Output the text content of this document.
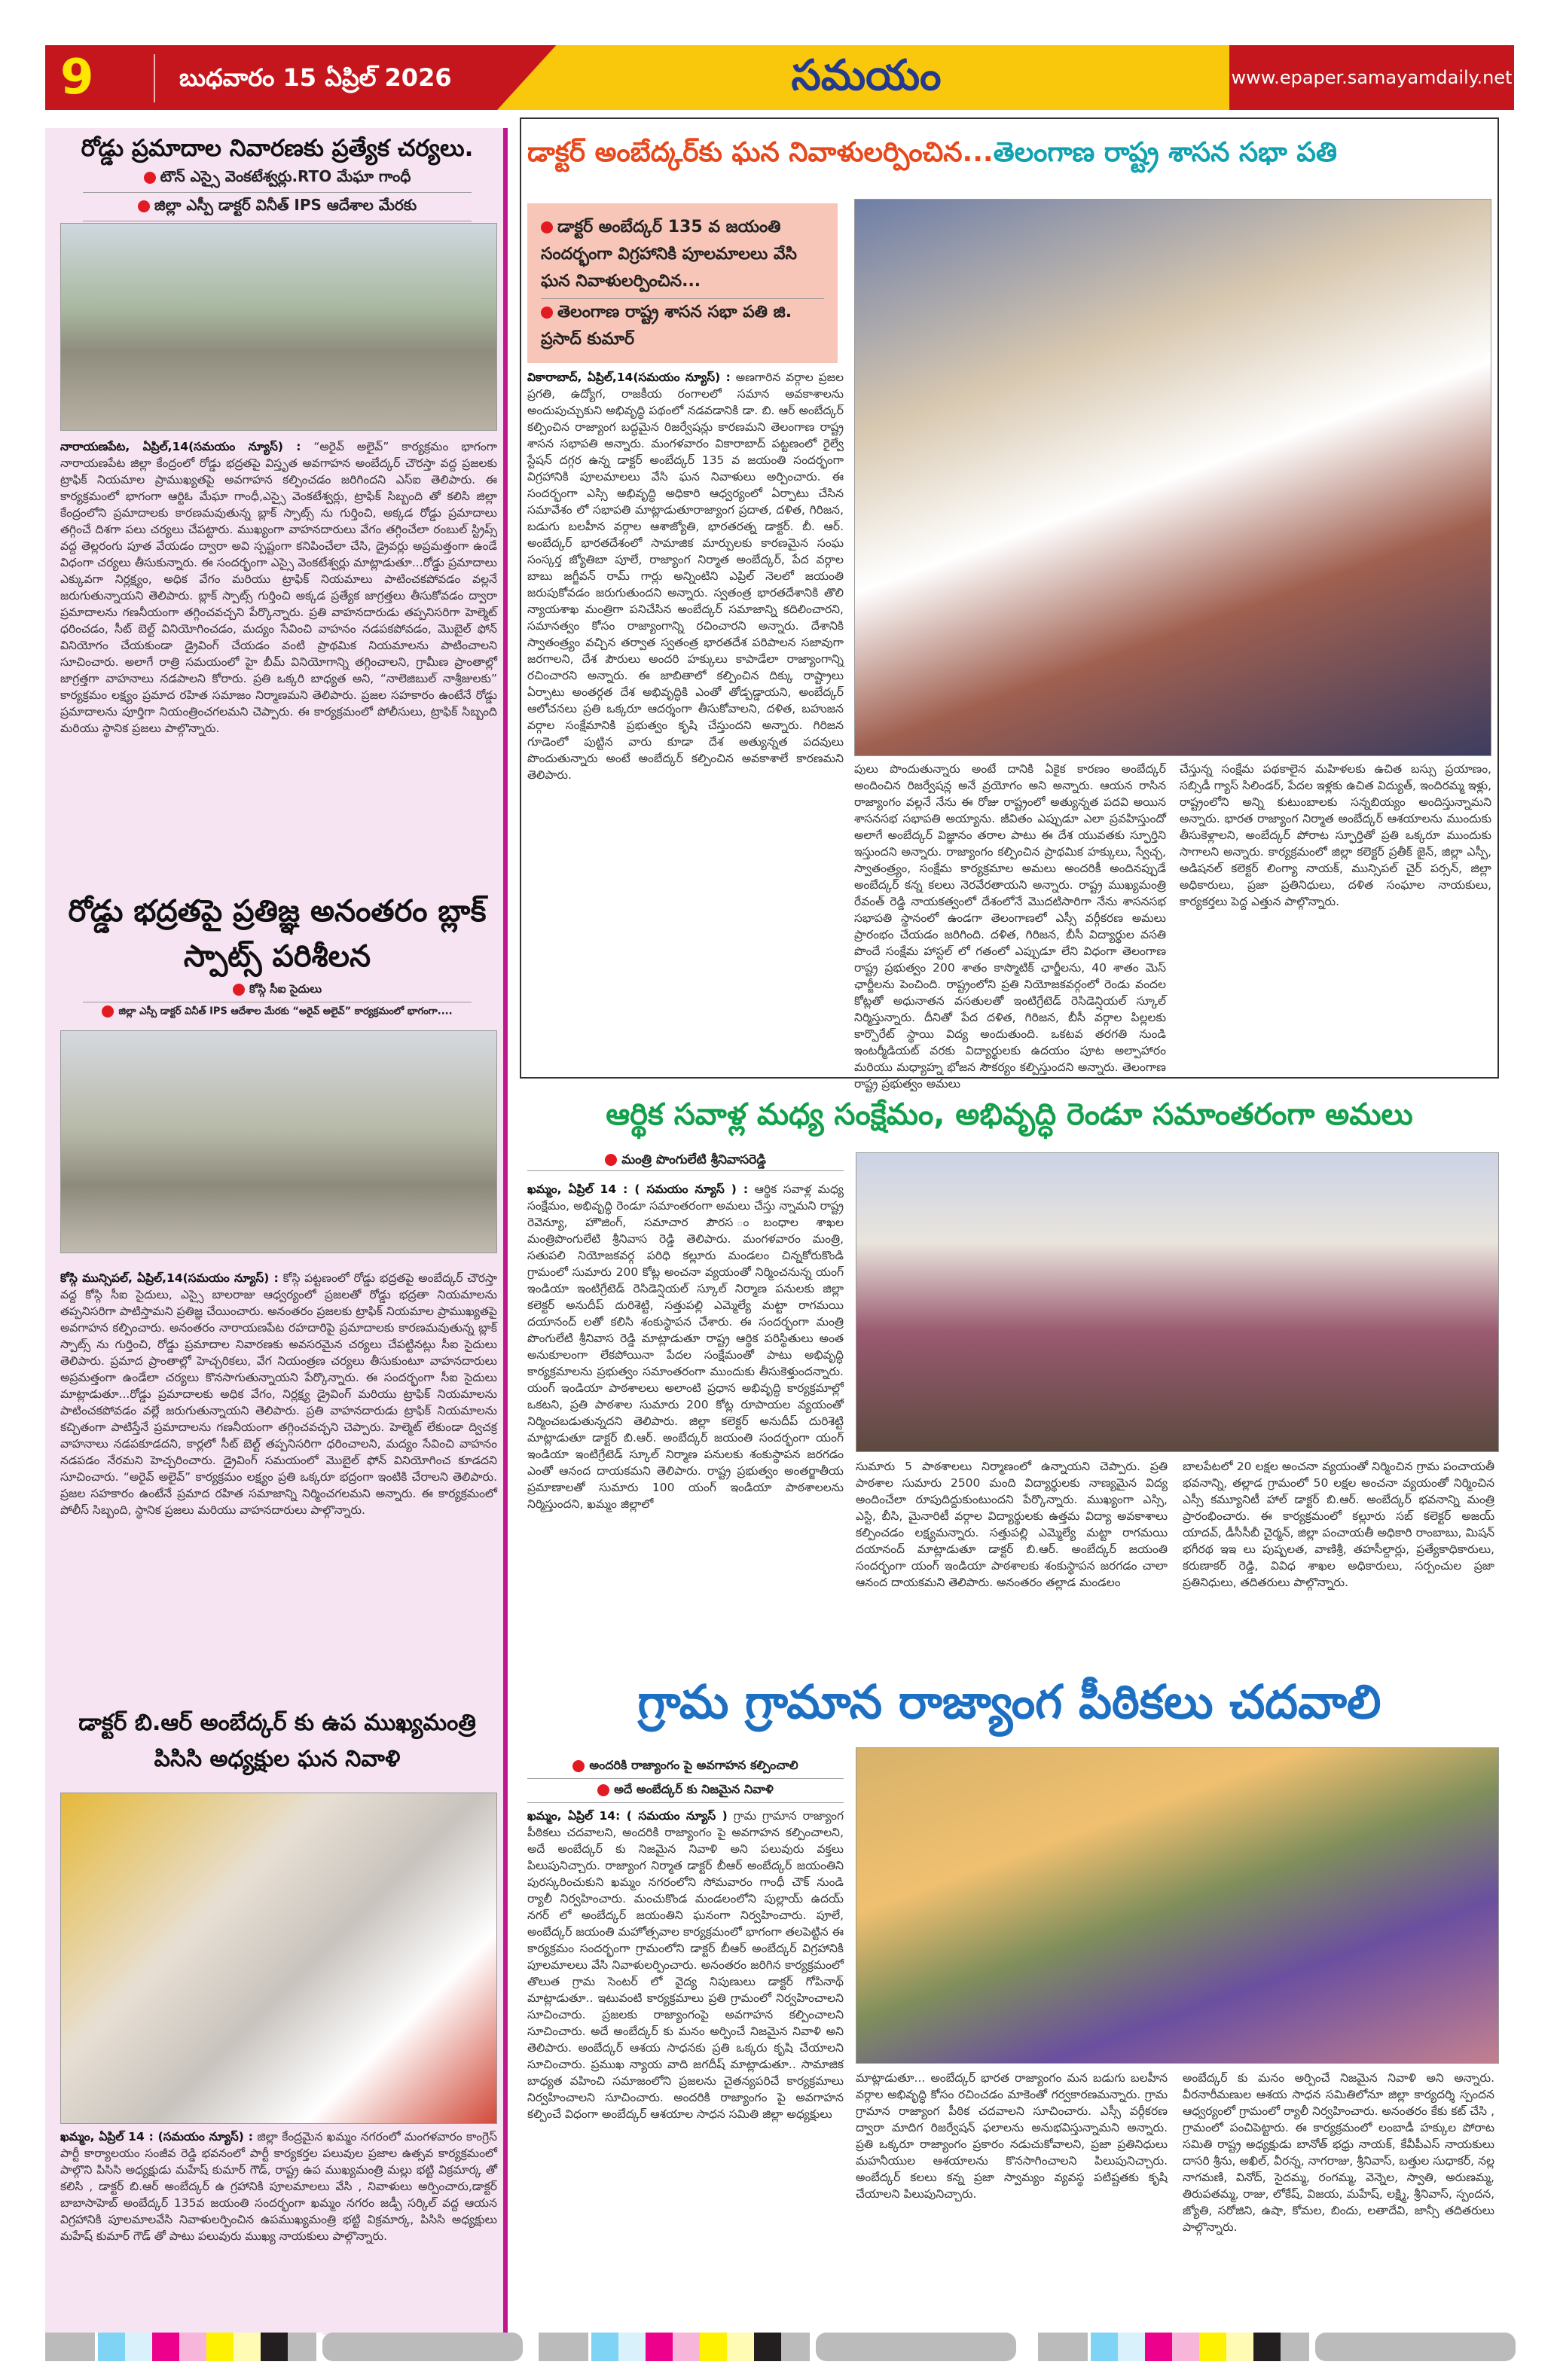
9	బుధవారం 15 ఏప్రిల్ 2026	సమయం	www.epaper.samayamdaily.net
రోడ్డు ప్రమాదాల నివారణకు ప్రత్యేక చర్యలు.
టౌన్ ఎస్సై వెంకటేశ్వర్లు.RTO మేఘా గాంధీ
జిల్లా ఎస్పీ డాక్టర్ వినీత్ IPS ఆదేశాల మేరకు
నారాయణపేట, ఏప్రిల్,14(సమయం న్యూస్) : “అరైవ్ అలైవ్” కార్యక్రమం భాగంగా నారాయణపేట జిల్లా కేంద్రంలో రోడ్డు భద్రతపై విస్తృత అవగాహన అంబేద్కర్ చౌరస్తా వద్ద ప్రజలకు ట్రాఫిక్ నియమాల ప్రాముఖ్యతపై అవగాహన కల్పించడం జరిగిందని ఎస్ఐ తెలిపారు. ఈ కార్యక్రమంలో భాగంగా ఆర్టిఓ మేఘా గాంధీ,ఎస్సై వెంకటేశ్వర్లు, ట్రాఫిక్ సిబ్బంది తో కలిసి జిల్లా కేంద్రంలోని ప్రమాదాలకు కారణమవుతున్న బ్లాక్ స్పాట్స్ ను గుర్తించి, అక్కడ రోడ్డు ప్రమాదాలు తగ్గించే దిశగా పలు చర్యలు చేపట్టారు. ముఖ్యంగా వాహనదారులు వేగం తగ్గించేలా రంబుల్ స్ట్రిప్స్ వద్ద తెల్లరంగు పూత వేయడం ద్వారా అవి స్పష్టంగా కనిపించేలా చేసి, డ్రైవర్లు అప్రమత్తంగా ఉండే విధంగా చర్యలు తీసుకున్నారు. ఈ సందర్భంగా ఎస్సై వెంకటేశ్వర్లు మాట్లాడుతూ...రోడ్డు ప్రమాదాలు ఎక్కువగా నిర్లక్ష్యం, అధిక వేగం మరియు ట్రాఫిక్ నియమాలు పాటించకపోవడం వల్లనే జరుగుతున్నాయని తెలిపారు. బ్లాక్ స్పాట్స్ గుర్తించి అక్కడ ప్రత్యేక జాగ్రత్తలు తీసుకోవడం ద్వారా ప్రమాదాలను గణనీయంగా తగ్గించవచ్చని పేర్కొన్నారు. ప్రతి వాహనదారుడు తప్పనిసరిగా హెల్మెట్ ధరించడం, సీట్ బెల్ట్ వినియోగించడం, మద్యం సేవించి వాహనం నడపకపోవడం, మొబైల్ ఫోన్ వినియోగం చేయకుండా డ్రైవింగ్ చేయడం వంటి ప్రాథమిక నియమాలను పాటించాలని సూచించారు. అలాగే రాత్రి సమయంలో హై బీమ్ వినియోగాన్ని తగ్గించాలని, గ్రామీణ ప్రాంతాల్లో జాగ్రత్తగా వాహనాలు నడపాలని కోరారు. ప్రతి ఒక్కరి బాధ్యత అని, “నాలెజిబుల్ నాశ్రీజులకు” కార్యక్రమం లక్ష్యం ప్రమాద రహిత సమాజం నిర్మాణమని తెలిపారు. ప్రజల సహకారం ఉంటేనే రోడ్డు ప్రమాదాలను పూర్తిగా నియంత్రించగలమని చెప్పారు. ఈ కార్యక్రమంలో పోలీసులు, ట్రాఫిక్ సిబ్బంది మరియు స్థానిక ప్రజలు పాల్గొన్నారు.
రోడ్డు భద్రతపై ప్రతిజ్ఞ అనంతరం బ్లాక్ స్పాట్స్ పరిశీలన
కోస్గి సీఐ సైదులు
జిల్లా ఎస్పీ డాక్టర్ వినీత్ IPS ఆదేశాల మేరకు “అరైవ్ అలైవ్” కార్యక్రమంలో భాగంగా....
కోస్గి మున్సిపల్, ఏప్రిల్,14(సమయం న్యూస్) : కోస్గి పట్టణంలో రోడ్డు భద్రతపై అంబేద్కర్ చౌరస్తా వద్ద కోస్గి సీఐ సైదులు, ఎస్సై బాలరాజు ఆధ్వర్యంలో ప్రజలతో రోడ్డు భద్రతా నియమాలను తప్పనిసరిగా పాటిస్తామని ప్రతిజ్ఞ చేయించారు. అనంతరం ప్రజలకు ట్రాఫిక్ నియమాల ప్రాముఖ్యతపై అవగాహన కల్పించారు. అనంతరం నారాయణపేట రహదారిపై ప్రమాదాలకు కారణమవుతున్న బ్లాక్ స్పాట్స్ ను గుర్తించి, రోడ్డు ప్రమాదాల నివారణకు అవసరమైన చర్యలు చేపట్టినట్లు సీఐ సైదులు తెలిపారు. ప్రమాద ప్రాంతాల్లో హెచ్చరికలు, వేగ నియంత్రణ చర్యలు తీసుకుంటూ వాహనదారులు అప్రమత్తంగా ఉండేలా చర్యలు కొనసాగుతున్నాయని పేర్కొన్నారు. ఈ సందర్భంగా సీఐ సైదులు మాట్లాడుతూ...రోడ్డు ప్రమాదాలకు అధిక వేగం, నిర్లక్ష్య డ్రైవింగ్ మరియు ట్రాఫిక్ నియమాలను పాటించకపోవడం వల్లే జరుగుతున్నాయని తెలిపారు. ప్రతి వాహనదారుడు ట్రాఫిక్ నియమాలను కచ్చితంగా పాటిస్తేనే ప్రమాదాలను గణనీయంగా తగ్గించవచ్చని చెప్పారు. హెల్మెట్ లేకుండా ద్విచక్ర వాహనాలు నడపకూడదని, కార్లలో సీట్ బెల్ట్ తప్పనిసరిగా ధరించాలని, మద్యం సేవించి వాహనం నడపడం నేరమని హెచ్చరించారు. డ్రైవింగ్ సమయంలో మొబైల్ ఫోన్ వినియోగించ కూడదని సూచించారు. “అరైవ్ అలైవ్” కార్యక్రమం లక్ష్యం ప్రతి ఒక్కరూ భద్రంగా ఇంటికి చేరాలని తెలిపారు. ప్రజల సహకారం ఉంటేనే ప్రమాద రహిత సమాజాన్ని నిర్మించగలమని అన్నారు. ఈ కార్యక్రమంలో పోలీస్ సిబ్బంది, స్థానిక ప్రజలు మరియు వాహనదారులు పాల్గొన్నారు.
డాక్టర్ బి.ఆర్ అంబేద్కర్ కు ఉప ముఖ్యమంత్రి పిసిసి అధ్యక్షుల ఘన నివాళి
ఖమ్మం, ఏప్రిల్ 14 : (సమయం న్యూస్) : జిల్లా కేంద్రమైన ఖమ్మం నగరంలో మంగళవారం కాంగ్రెస్ పార్టీ కార్యాలయం సంజీవ రెడ్డి భవనంలో పార్టీ కార్యకర్తల పలువుల ప్రజాల ఉత్సవ కార్యక్రమంలో పాల్గొని పిసిసి అధ్యక్షుడు మహేష్ కుమార్ గౌడ్, రాష్ట్ర ఉప ముఖ్యమంత్రి మల్లు భట్టి విక్రమార్క తో కలిసి , డాక్టర్ బి.ఆర్ అంబేద్కర్ ఉ గ్రహానికి పూలమాలలు వేసి , నివాళులు అర్పించారు,డాక్టర్ బాబాసాహెబ్ అంబేద్కర్ 135వ జయంతి సందర్భంగా ఖమ్మం నగరం జడ్పీ సర్కిల్ వద్ద ఆయన విగ్రహానికి పూలమాలవేసి నివాళులర్పించిన ఉపముఖ్యమంత్రి భట్టి విక్రమార్క, పిసిసి అధ్యక్షులు మహేష్ కుమార్ గౌడ్ తో పాటు పలువురు ముఖ్య నాయకులు పాల్గొన్నారు.
డాక్టర్ అంబేద్కర్‌కు ఘన నివాళులర్పించిన...తెలంగాణ రాష్ట్ర శాసన సభా పతి
డాక్టర్ అంబేద్కర్ 135 వ జయంతి సందర్భంగా విగ్రహానికి పూలమాలలు వేసి ఘన నివాళులర్పించిన...
తెలంగాణ రాష్ట్ర శాసన సభా పతి జి. ప్రసాద్ కుమార్
వికారాబాద్, ఏప్రిల్,14(సమయం న్యూస్) : అణగారిన వర్గాల ప్రజల ప్రగతి, ఉద్యోగ, రాజకీయ రంగాలలో సమాన అవకాశాలను అందుపుచ్చుకుని అభివృద్ధి పథంలో నడవడానికి డా. బి. ఆర్ అంబేద్కర్ కల్పించిన రాజ్యాంగ బద్ధమైన రిజర్వేషన్లు కారణమని తెలంగాణ రాష్ట్ర శాసన సభాపతి అన్నారు. మంగళవారం వికారాబాద్ పట్టణంలో రైల్వే స్టేషన్ దగ్గర ఉన్న డాక్టర్ అంబేద్కర్ 135 వ జయంతి సందర్భంగా విగ్రహానికి పూలమాలలు వేసి ఘన నివాళులు అర్పించారు. ఈ సందర్భంగా ఎస్సి అభివృద్ధి అధికారి ఆధ్వర్యంలో ఏర్పాటు చేసిన సమావేశం లో సభాపతి మాట్లాడుతూరాజ్యాంగ ప్రదాత, దళిత, గిరిజన, బడుగు బలహీన వర్గాల ఆశాజ్యోతి, భారతరత్న డాక్టర్. బీ. ఆర్. అంబేద్కర్ భారతదేశంలో సామాజిక మార్పులకు కారణమైన సంఘ సంస్కర్త జ్యోతిబా పూలే, రాజ్యాంగ నిర్మాత అంబేద్కర్, పేద వర్గాల బాబు జగ్జీవన్ రామ్ గార్లు అన్నింటిని ఎప్రిల్ నెలలో జయంతి జరుపుకోవడం జరుగుతుందని అన్నారు. స్వతంత్ర భారతదేశానికి తొలి న్యాయశాఖ మంత్రిగా పనిచేసిన అంబేద్కర్ సమాజాన్ని కదిలించారని, సమానత్వం కోసం రాజ్యాంగాన్ని రచించారని అన్నారు. దేశానికి స్వాతంత్ర్యం వచ్చిన తర్వాత స్వతంత్ర భారతదేశ పరిపాలన సజావుగా జరగాలని, దేశ పౌరులు అందరి హక్కులు కాపాడేలా రాజ్యాంగాన్ని రచించారని అన్నారు. ఈ జాబితాలో కల్పించిన దిక్కు రాష్ట్రాలు ఏర్పాటు అంతర్గత దేశ అభివృద్ధికి ఎంతో తోడ్పడ్డాయని, అంబేద్కర్ ఆలోచనలు ప్రతి ఒక్కరూ ఆదర్శంగా తీసుకోవాలని, దళిత, బహుజన వర్గాల సంక్షేమానికి ప్రభుత్వం కృషి చేస్తుందని అన్నారు. గిరిజన గూడెంలో పుట్టిన వారు కూడా దేశ అత్యున్నత పదవులు పొందుతున్నారు అంటే అంబేద్కర్ కల్పించిన అవకాశాలే కారణమని తెలిపారు.	పులు పొందుతున్నారు అంటే దానికి ఏకైక కారణం అంబేద్కర్ అందించిన రిజర్వేషన్ల అనే వ్రయోగం అని అన్నారు. ఆయన రాసిన రాజ్యాంగం వల్లనే నేను ఈ రోజు రాష్ట్రంలో అత్యున్నత పదవి అయిన శాసనసభ సభాపతి అయ్యాను. జీవితం ఎప్పుడూ ఎలా ప్రవహిస్తుందో అలాగే అంబేద్కర్ విజ్ఞానం తరాల పాటు ఈ దేశ యువతకు స్ఫూర్తిని ఇస్తుందని అన్నారు. రాజ్యాంగం కల్పించిన ప్రాథమిక హక్కులు, స్వేచ్ఛ, స్వాతంత్ర్యం, సంక్షేమ కార్యక్రమాల అమలు అందరికీ అందినప్పుడే అంబేద్కర్ కన్న కలలు నెరవేరతాయని అన్నారు. రాష్ట్ర ముఖ్యమంత్రి రేవంత్ రెడ్డి నాయకత్వంలో దేశంలోనే మొదటిసారిగా నేను శాసనసభ సభాపతి స్థానంలో ఉండగా తెలంగాణలో ఎస్సీ వర్గీకరణ అమలు ప్రారంభం చేయడం జరిగింది. దళిత, గిరిజన, బీసీ విద్యార్థుల వసతి పొందే సంక్షేమ హాస్టల్ లో గతంలో ఎప్పుడూ లేని విధంగా తెలంగాణ రాష్ట్ర ప్రభుత్వం 200 శాతం కాస్మొటిక్ ఛార్జీలను, 40 శాతం మెస్ ఛార్జీలను పెంచింది. రాష్ట్రంలోని ప్రతి నియోజకవర్గంలో రెండు వందల కోట్లతో అధునాతన వసతులతో ఇంటిగ్రేటెడ్ రెసిడెన్షియల్ స్కూల్ నిర్మిస్తున్నారు. దీనితో పేద దళిత, గిరిజన, బీసీ వర్గాల పిల్లలకు కార్పొరేట్ స్థాయి విద్య అందుతుంది. ఒకటవ తరగతి నుండి ఇంటర్మీడియట్ వరకు విద్యార్థులకు ఉదయం పూట అల్పాహారం మరియు మధ్యాహ్న భోజన సౌకర్యం కల్పిస్తుందని అన్నారు. తెలంగాణ రాష్ట్ర ప్రభుత్వం అమలు
చేస్తున్న సంక్షేమ పథకాలైన మహిళలకు ఉచిత బస్సు ప్రయాణం, సబ్సిడీ గ్యాస్ సిలిండర్, పేదల ఇళ్లకు ఉచిత విద్యుత్, ఇందిరమ్మ ఇళ్లు, రాష్ట్రంలోని అన్ని కుటుంబాలకు సన్నబియ్యం అందిస్తున్నామని అన్నారు. భారత రాజ్యాంగ నిర్మాత అంబేద్కర్ ఆశయాలను ముందుకు తీసుకెళ్లాలని, అంబేద్కర్ పోరాట స్ఫూర్తితో ప్రతి ఒక్కరూ ముందుకు సాగాలని అన్నారు. కార్యక్రమంలో జిల్లా కలెక్టర్ ప్రతీక్ జైన్, జిల్లా ఎస్పీ, అడిషనల్ కలెక్టర్ లింగ్యా నాయక్, మున్సిపల్ చైర్ పర్సన్, జిల్లా అధికారులు, ప్రజా ప్రతినిధులు, దళిత సంఘాల నాయకులు, కార్యకర్తలు పెద్ద ఎత్తున పాల్గొన్నారు.
ఆర్థిక సవాళ్ల మధ్య సంక్షేమం, అభివృద్ధి రెండూ సమాంతరంగా అమలు
మంత్రి పొంగులేటి శ్రీనివాసరెడ్డి
ఖమ్మం, ఏప్రిల్ 14 : ( సమయం న్యూస్ ) : ఆర్థిక సవాళ్ల మధ్య సంక్షేమం, అభివృద్ధి రెండూ సమాంతరంగా అమలు చేస్తు న్నామని రాష్ట్ర రెవెన్యూ, హౌజింగ్, సమాచార పౌరస ంబంధాల శాఖల మంత్రిపొంగులేటి శ్రీనివాస రెడ్డి తెలిపారు. మంగళవారం మంత్రి, సతుపలి నియోజకవర్గ పరిధి కల్లూరు మండలం చిన్నకోరుకొండి గ్రామంలో సుమారు 200 కోట్ల అంచనా వ్యయంతో నిర్మించనున్న యంగ్ ఇండియా ఇంటిగ్రేటెడ్ రెసిడెన్షియల్ స్కూల్ నిర్మాణ పనులకు జిల్లా కలెక్టర్ అనుదీప్ దురిశెట్టి, సత్తుపల్లి ఎమ్మెల్యే మట్టా రాగమయి దయానంద్ లతో కలిసి శంకుస్థాపన చేశారు. ఈ సందర్భంగా మంత్రి పొంగులేటి శ్రీనివాస రెడ్డి మాట్లాడుతూ రాష్ట్ర ఆర్థిక పరిస్థితులు అంత అనుకూలంగా లేకపోయినా పేదల సంక్షేమంతో పాటు అభివృద్ధి కార్యక్రమాలను ప్రభుత్వం సమాంతరంగా ముందుకు తీసుకెళ్తుందన్నారు. యంగ్ ఇండియా పాఠశాలలు అలాంటి ప్రధాన అభివృద్ధి కార్యక్రమాల్లో ఒకటని, ప్రతి పాఠశాల సుమారు 200 కోట్ల రూపాయల వ్యయంతో నిర్మించబడుతున్నదని తెలిపారు. జిల్లా కలెక్టర్ అనుదీప్ దురిశెట్టి మాట్లాడుతూ డాక్టర్ బి.ఆర్. అంబేద్కర్ జయంతి సందర్భంగా యంగ్ ఇండియా ఇంటిగ్రేటెడ్ స్కూల్ నిర్మాణ పనులకు శంకుస్థాపన జరగడం ఎంతో ఆనంద దాయకమని తెలిపారు. రాష్ట్ర ప్రభుత్వం అంతర్జాతీయ ప్రమాణాలతో సుమారు 100 యంగ్ ఇండియా పాఠశాలలను నిర్మిస్తుందని, ఖమ్మం జిల్లాలో
సుమారు 5 పాఠశాలలు నిర్మాణంలో ఉన్నాయని చెప్పారు. ప్రతి పాఠశాల సుమారు 2500 మంది విద్యార్థులకు నాణ్యమైన విద్య అందించేలా రూపుదిద్దుకుంటుందని పేర్కొన్నారు. ముఖ్యంగా ఎస్సి, ఎస్టి, బీసి, మైనారిటీ వర్గాల విద్యార్థులకు ఉత్తమ విద్యా అవకాశాలు కల్పించడం లక్ష్యమన్నారు. సత్తుపల్లి ఎమ్మెల్యే మట్టా రాగమయి దయానంద్ మాట్లాడుతూ డాక్టర్ బి.ఆర్. అంబేద్కర్ జయంతి సందర్భంగా యంగ్ ఇండియా పాఠశాలకు శంకుస్థాపన జరగడం చాలా ఆనంద దాయకమని తెలిపారు. అనంతరం తల్లాడ మండలం
బాలపేటలో 20 లక్షల అంచనా వ్యయంతో నిర్మించిన గ్రామ పంచాయతీ భవనాన్ని, తల్లాడ గ్రామంలో 50 లక్షల అంచనా వ్యయంతో నిర్మించిన ఎస్సీ కమ్యూనిటీ హాల్ డాక్టర్ బి.ఆర్. అంబేద్కర్ భవనాన్ని మంత్రి ప్రారంభించారు. ఈ కార్యక్రమంలో కల్లూరు సబ్ కలెక్టర్ అజయ్ యాదవ్, డీసీసీబీ చైర్మన్, జిల్లా పంచాయతీ అధికారి రాంబాబు, మిషన్ భగీరథ ఇఇ లు పుష్పలత, వాణిశ్రీ, తహసీల్దార్లు, ప్రత్యేకాధికారులు, కరుణాకర్ రెడ్డి, వివిధ శాఖల అధికారులు, సర్పంచుల ప్రజా ప్రతినిధులు, తదితరులు పాల్గొన్నారు.
గ్రామ గ్రామాన రాజ్యాంగ పీఠికలు చదవాలి
అందరికి రాజ్యాంగం పై అవగాహన కల్పించాలి
అదే అంబేద్కర్ కు నిజమైన నివాళి
ఖమ్మం, ఏప్రిల్ 14: ( సమయం న్యూస్ ) గ్రామ గ్రామాన రాజ్యాంగ పీఠికలు చదవాలని, అందరికి రాజ్యాంగం పై అవగాహన కల్పించాలని, అదే అంబేద్కర్ కు నిజమైన నివాళి అని పలువురు వక్తలు పిలుపునిచ్చారు. రాజ్యాంగ నిర్మాత డాక్టర్ బీఆర్ అంబేద్కర్ జయంతిని పురస్కరించుకుని ఖమ్మం నగరంలోని సోమవారం గాంధీ చౌక్ నుండి ర్యాలీ నిర్వహించారు. మంచుకొండ మండలంలోని పుల్లాయ్ ఉదయ్ నగర్ లో అంబేద్కర్ జయంతిని ఘనంగా నిర్వహించారు. పూలే, అంబేద్కర్ జయంతి మహోత్సవాల కార్యక్రమంలో భాగంగా తలపెట్టిన ఈ కార్యక్రమం సందర్భంగా గ్రామంలోని డాక్టర్ బీఆర్ అంబేద్కర్ విగ్రహానికి పూలమాలలు వేసి నివాళులర్పించారు. అనంతరం జరిగిన కార్యక్రమంలో తొలుత గ్రామ సెంటర్ లో వైద్య నిపుణులు డాక్టర్ గోపినాథ్ మాట్లాడుతూ.. ఇటువంటి కార్యక్రమాలు ప్రతి గ్రామంలో నిర్వహించాలని సూచించారు. ప్రజలకు రాజ్యాంగంపై అవగాహన కల్పించాలని సూచించారు. అదే అంబేద్కర్ కు మనం అర్పించే నిజమైన నివాళి అని తెలిపారు. అంబేద్కర్ ఆశయ సాధనకు ప్రతి ఒక్కరు కృషి చేయాలని సూచించారు. ప్రముఖ న్యాయ వాది జగదీష్ మాట్లాడుతూ.. సామాజిక బాధ్యత వహించి సమాజంలోని ప్రజలను చైతన్యపరిచే కార్యక్రమాలు నిర్వహించాలని సూచించారు. అందరికి రాజ్యాంగం పై అవగాహన కల్పించే విధంగా అంబేద్కర్ ఆశయాల సాధన సమితి జిల్లా అధ్యక్షులు
మాట్లాడుతూ... అంబేద్కర్ భారత రాజ్యాంగం మన బడుగు బలహీన వర్గాల అభివృద్ధి కోసం రచించడం మాకెంతో గర్వకారణమన్నారు. గ్రామ గ్రామాన రాజ్యాంగ పీఠిక చదవాలని సూచించారు. ఎస్సీ వర్గీకరణ ద్వారా మాదిగ రిజర్వేషన్ ఫలాలను అనుభవిస్తున్నామని అన్నారు. ప్రతి ఒక్కరూ రాజ్యాంగం ప్రకారం నడుచుకోవాలని, ప్రజా ప్రతినిధులు మహనీయుల ఆశయాలను కొనసాగించాలని పిలుపునిచ్చారు. అంబేద్కర్ కలలు కన్న ప్రజా స్వామ్యం వ్యవస్థ పటిష్టతకు కృషి చేయాలని పిలుపునిచ్చారు.
అంబేద్కర్ కు మనం అర్పించే నిజమైన నివాళి అని అన్నారు. వీరనారీమణుల ఆశయ సాధన సమితిలోనూ జిల్లా కార్యదర్శి స్పందన ఆధ్వర్యంలో గ్రామంలో ర్యాలీ నిర్వహించారు. అనంతరం కేకు కట్ చేసి , గ్రామంలో పంచిపెట్టారు. ఈ కార్యక్రమంలో లంబాడీ హక్కుల పోరాట సమితి రాష్ట్ర అధ్యక్షుడు బానోత్ భధ్రు నాయక్, కేవీపీఎస్ నాయకులు దాసరి శ్రీను, అఖిల్, వీరన్న, నాగరాజు, శ్రీనివాస్, బత్తుల సుధాకర్, నల్ల నాగమణి, వినోద్, సైదమ్మ, రంగమ్మ, వెన్నెల, స్వాతి, అరుణమ్మ, తిరుపతమ్మ, రాజు, లోకేష్, విజయ, మహేష్, లక్ష్మి, శ్రీనివాస్, స్పందన, జ్యోతి, సరోజిని, ఉషా, కోమల, బిందు, లతాదేవి, జాన్సీ తదితరులు పాల్గొన్నారు.
